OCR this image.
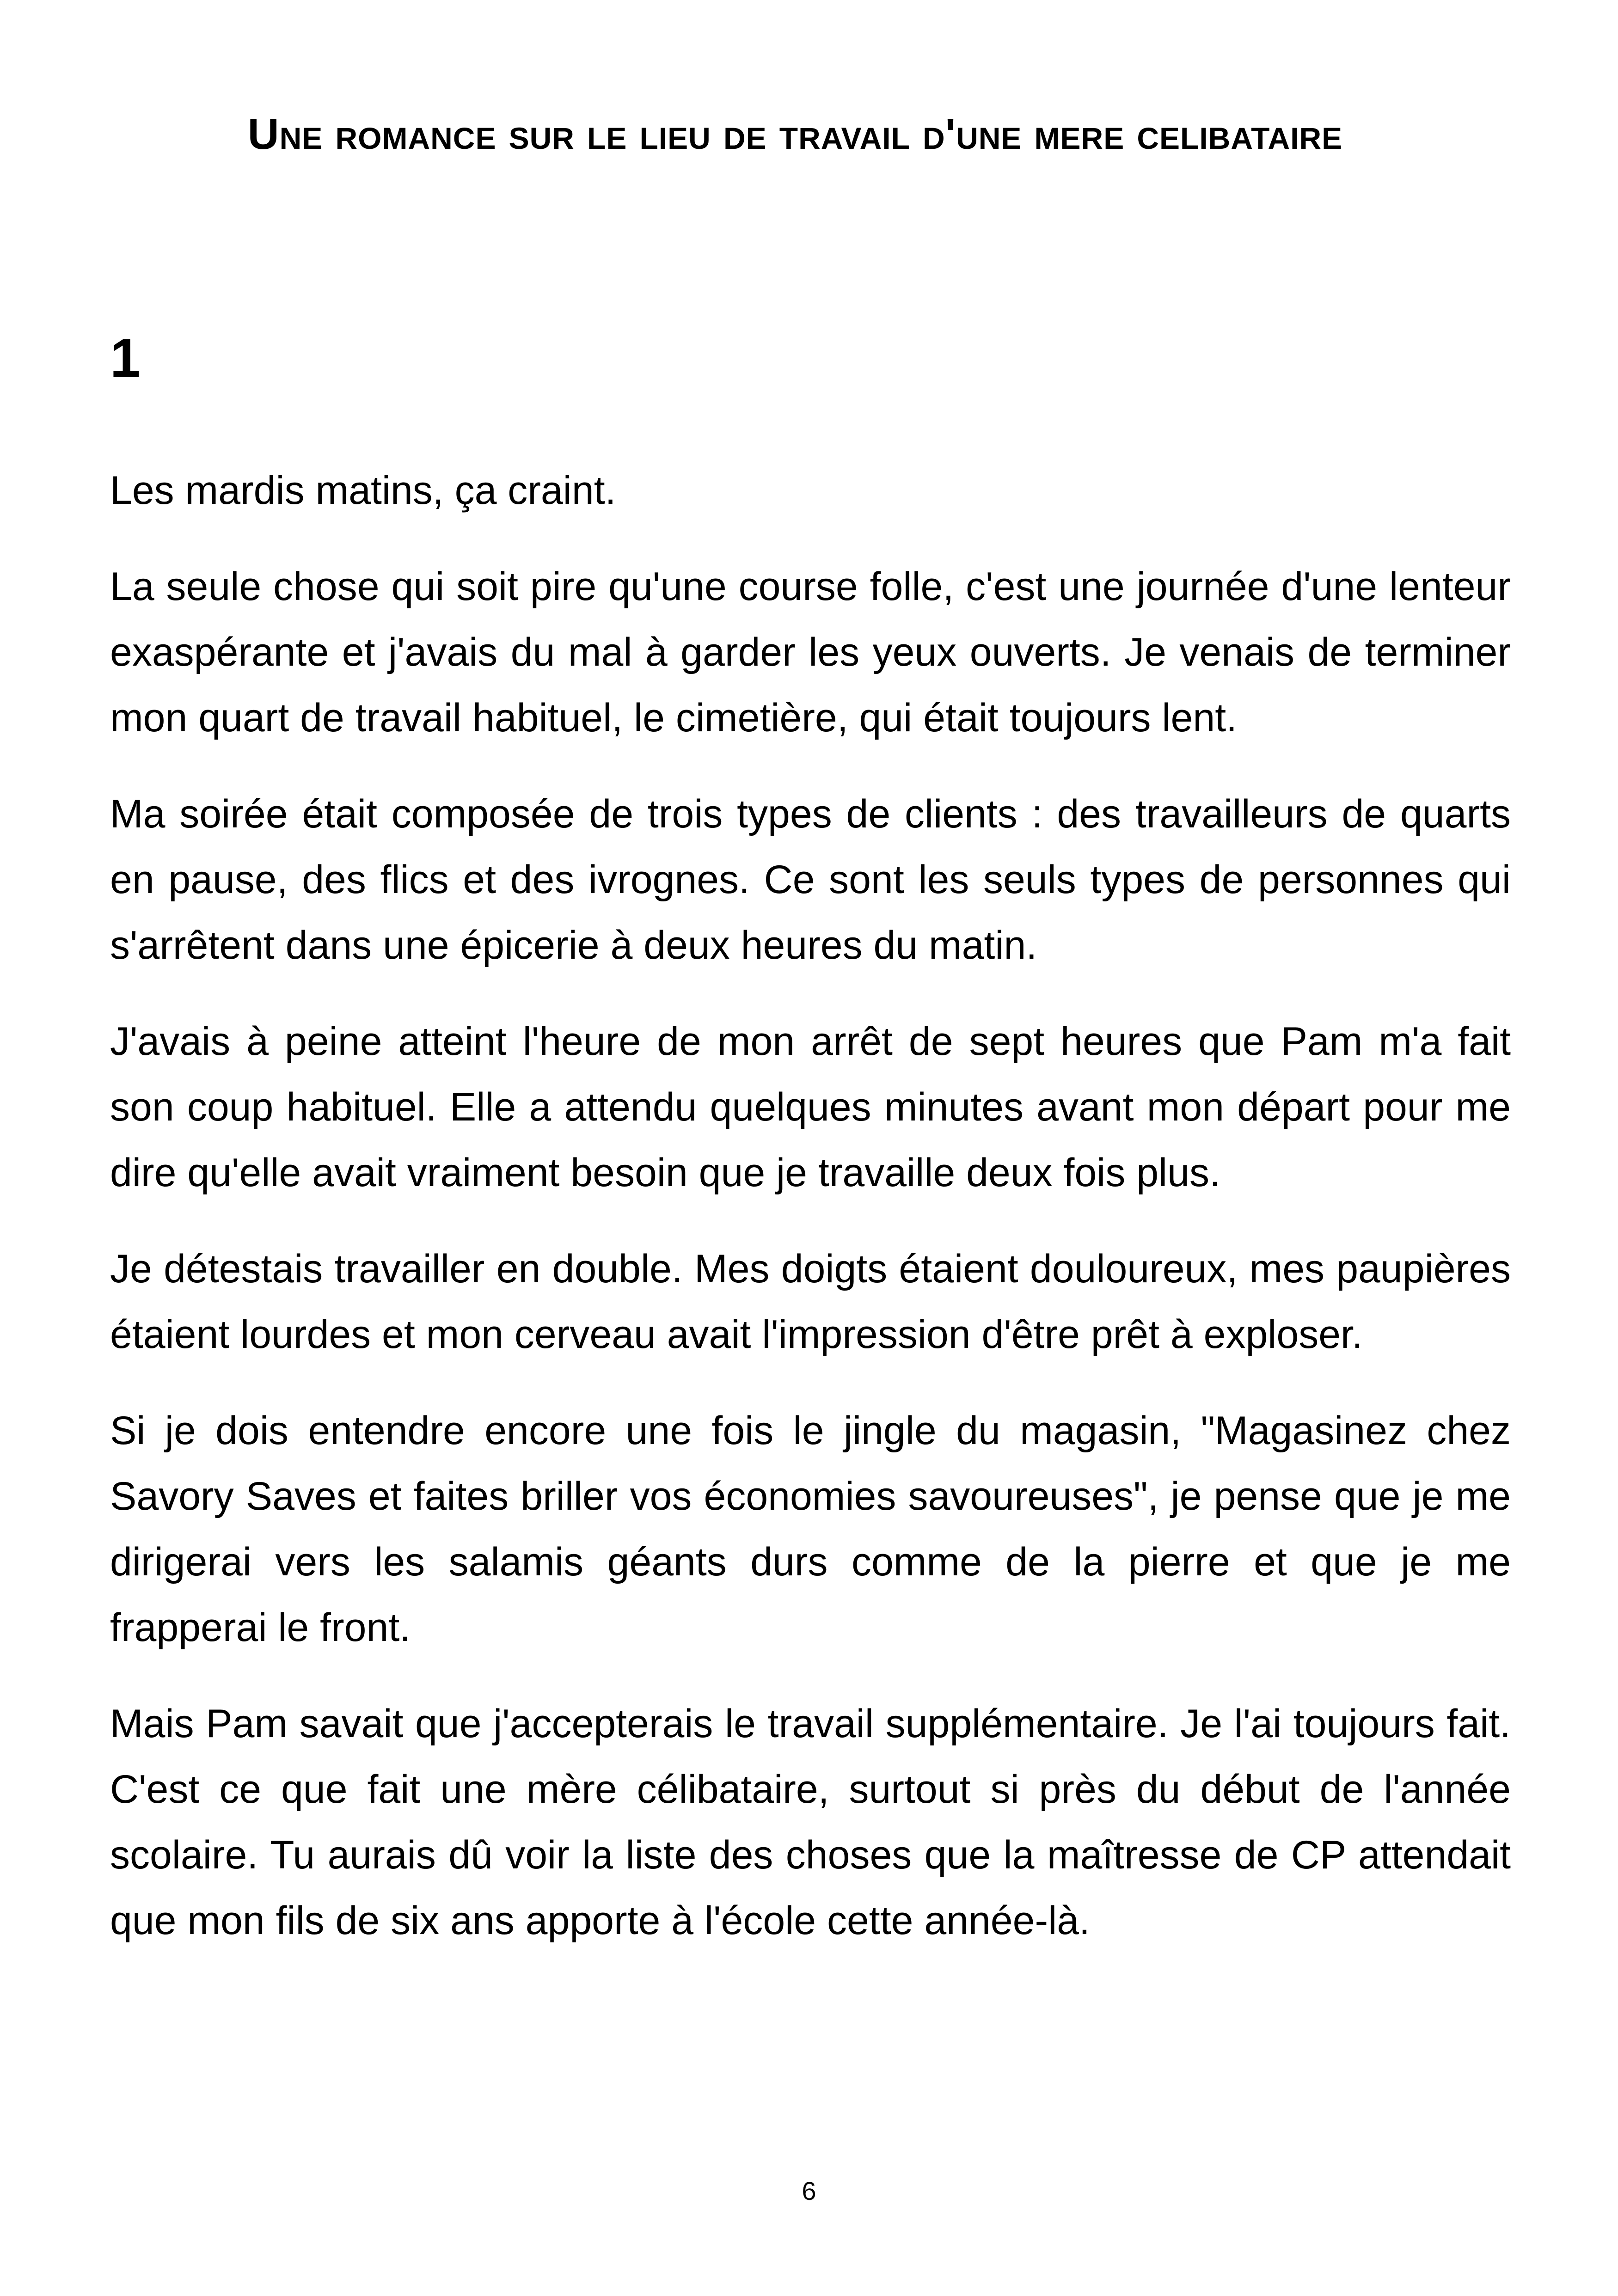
Une romance sur le lieu de travail d'une mere celibataire
1

Les mardis matins, ça craint.

La seule chose qui soit pire qu'une course folle, c'est une journée d'une lenteur exaspérante et j'avais du mal à garder les yeux ouverts. Je venais de terminer mon quart de travail habituel, le cimetière, qui était toujours lent.

Ma soirée était composée de trois types de clients : des travailleurs de quarts en pause, des flics et des ivrognes. Ce sont les seuls types de personnes qui s'arrêtent dans une épicerie à deux heures du matin.

J'avais à peine atteint l'heure de mon arrêt de sept heures que Pam m'a fait son coup habituel. Elle a attendu quelques minutes avant mon départ pour me dire qu'elle avait vraiment besoin que je travaille deux fois plus.

Je détestais travailler en double. Mes doigts étaient douloureux, mes paupières étaient lourdes et mon cerveau avait l'impression d'être prêt à exploser.

Si je dois entendre encore une fois le jingle du magasin, "Magasinez chez Savory Saves et faites briller vos économies savoureuses", je pense que je me dirigerai vers les salamis géants durs comme de la pierre et que je me frapperai le front.

Mais Pam savait que j'accepterais le travail supplémentaire. Je l'ai toujours fait. C'est ce que fait une mère célibataire, surtout si près du début de l'année scolaire. Tu aurais dû voir la liste des choses que la maîtresse de CP attendait que mon fils de six ans apporte à l'école cette année-là.

6
